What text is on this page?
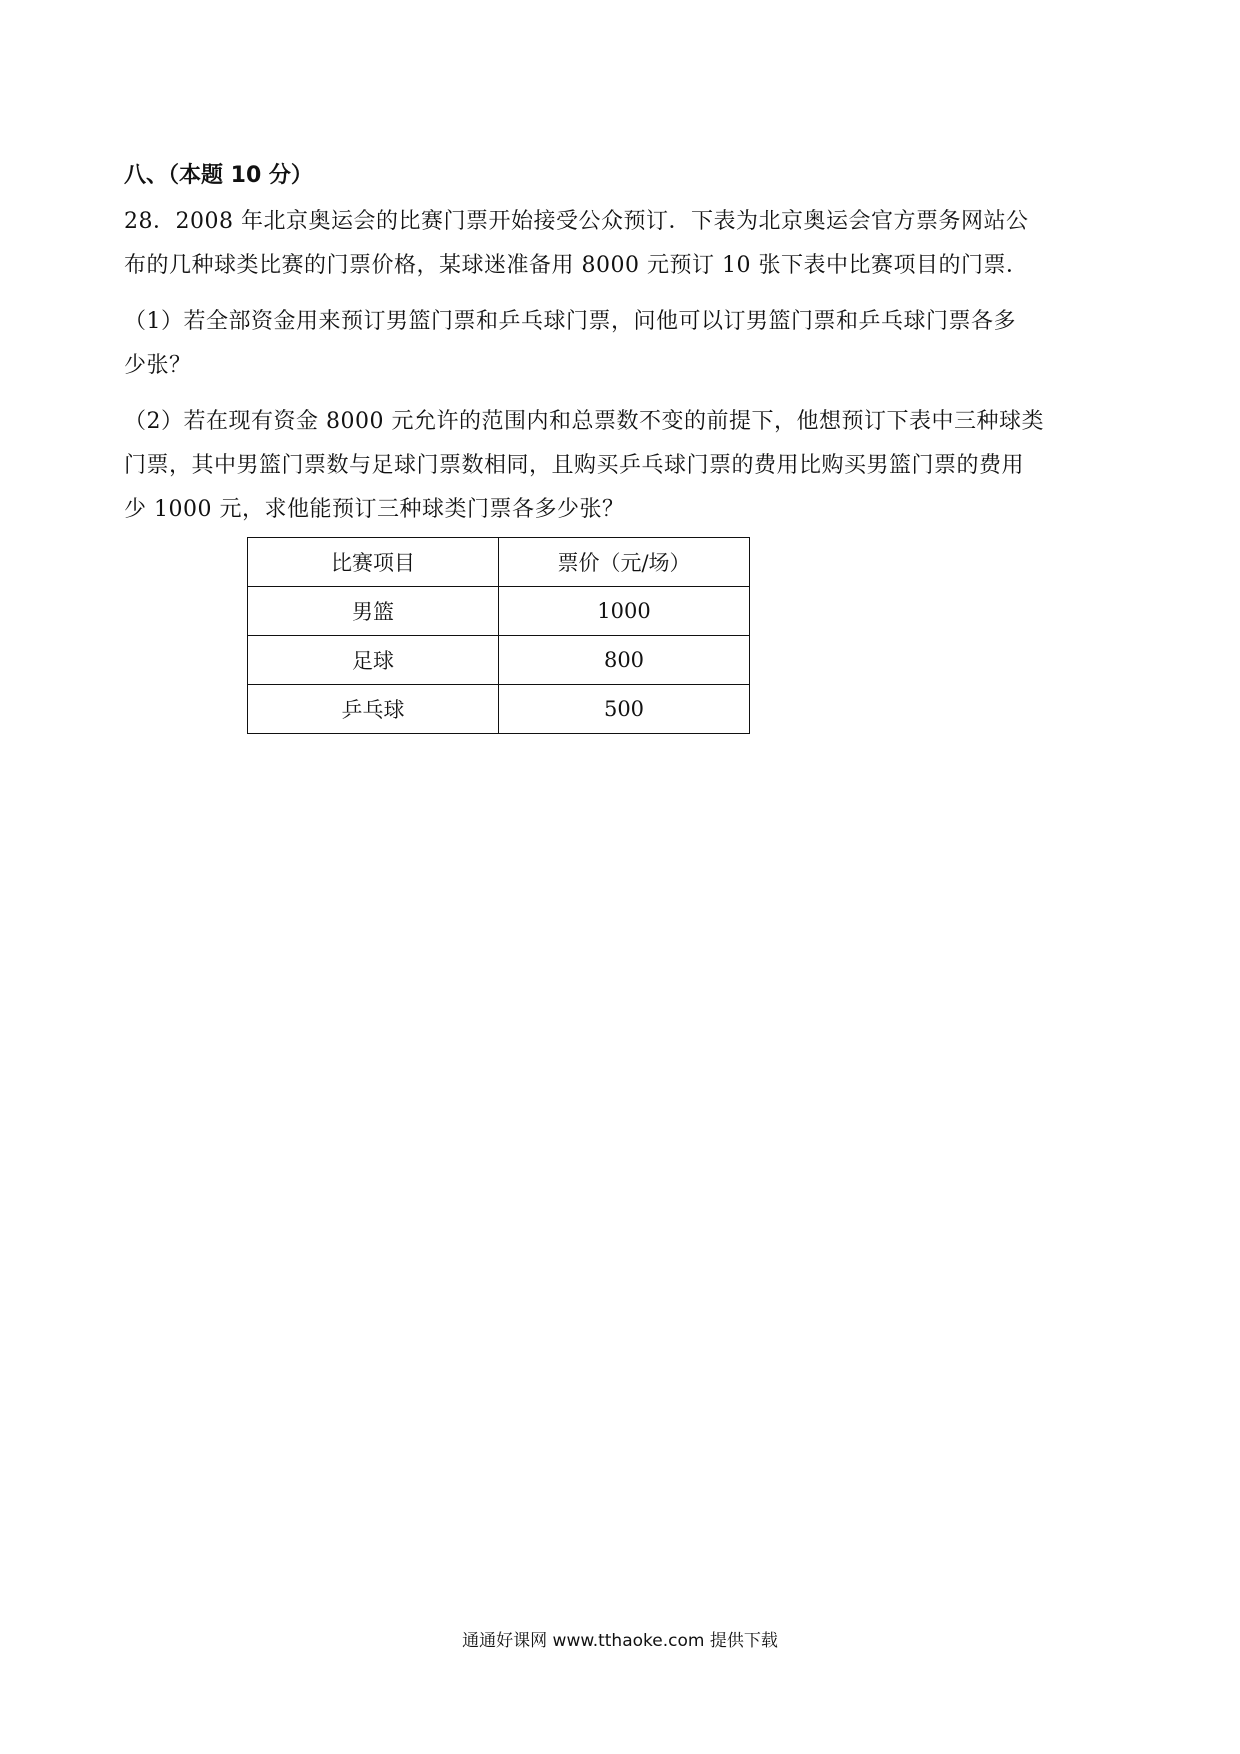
八、（本题 10 分）
28．2008 年北京奥运会的比赛门票开始接受公众预订．下表为北京奥运会官方票务网站公
布的几种球类比赛的门票价格，某球迷准备用 8000 元预订 10 张下表中比赛项目的门票．
（1）若全部资金用来预订男篮门票和乒乓球门票，问他可以订男篮门票和乒乓球门票各多
少张？
（2）若在现有资金 8000 元允许的范围内和总票数不变的前提下，他想预订下表中三种球类
门票，其中男篮门票数与足球门票数相同，且购买乒乓球门票的费用比购买男篮门票的费用
少 1000 元，求他能预订三种球类门票各多少张？
比赛项目	票价（元/场）
男篮	1000
足球	800
乒乓球	500
通通好课网 www.tthaoke.com 提供下载
